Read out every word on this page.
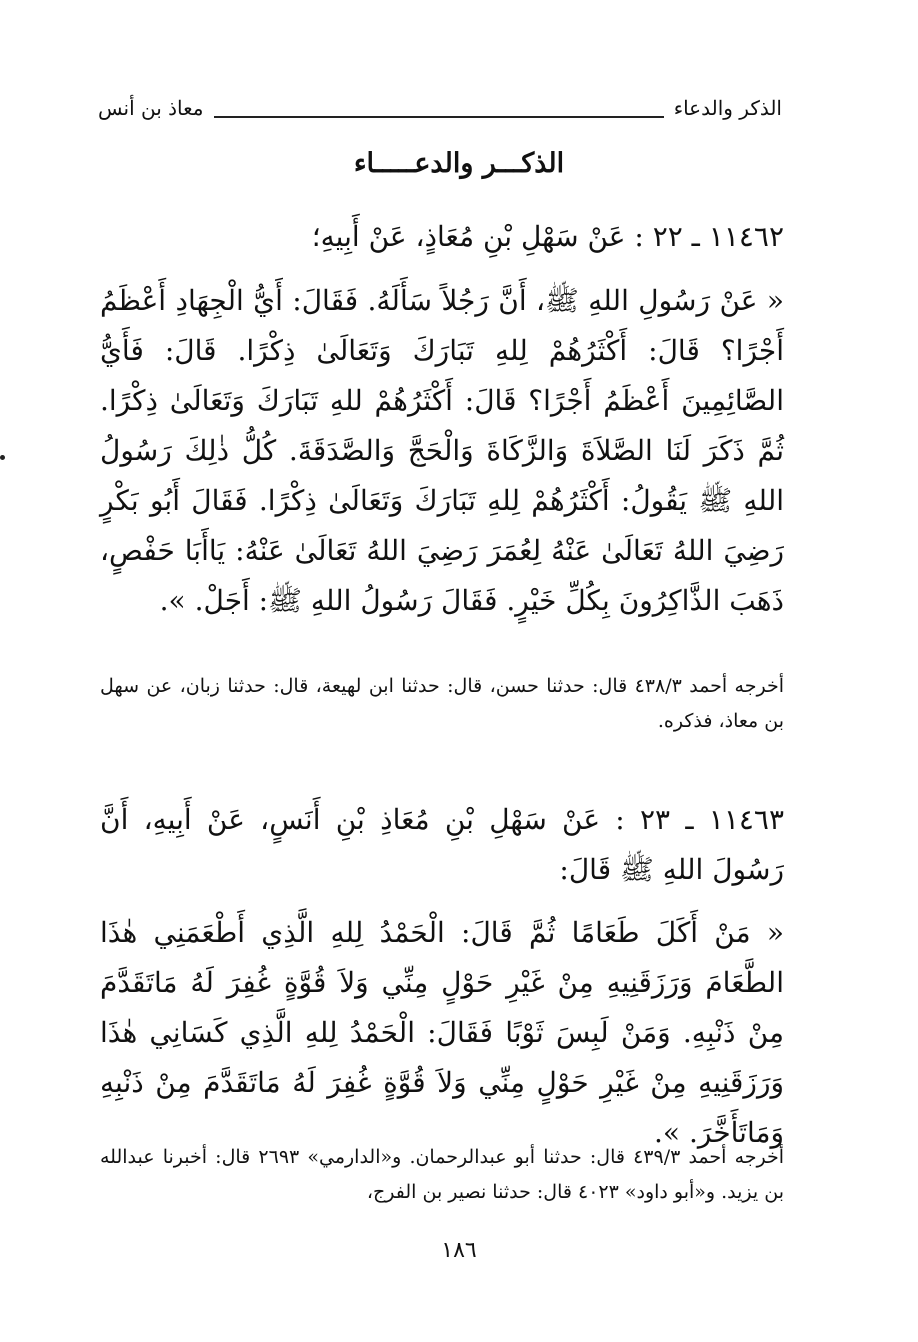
الذكر والدعاء
معاذ بن أنس
الذكـــر والدعـــــاء
١١٤٦٢ ـ ٢٢ : عَنْ سَهْلِ بْنِ مُعَاذٍ، عَنْ أَبِيهِ؛
« عَنْ رَسُولِ اللهِ ﷺ، أَنَّ رَجُلاً سَأَلَهُ. فَقَالَ: أَيُّ الْجِهَادِ أَعْظَمُ أَجْرًا؟ قَالَ: أَكْثَرُهُمْ لِلهِ تَبَارَكَ وَتَعَالَىٰ ذِكْرًا. قَالَ: فَأَيُّ الصَّائِمِينَ أَعْظَمُ أَجْرًا؟ قَالَ: أَكْثَرُهُمْ للهِ تَبَارَكَ وَتَعَالَىٰ ذِكْرًا. ثُمَّ ذَكَرَ لَنَا الصَّلاَةَ وَالزَّكَاةَ وَالْحَجَّ وَالصَّدَقَةَ. كُلُّ ذٰلِكَ رَسُولُ اللهِ ﷺ يَقُولُ: أَكْثَرُهُمْ لِلهِ تَبَارَكَ وَتَعَالَىٰ ذِكْرًا. فَقَالَ أَبُو بَكْرٍ رَضِيَ اللهُ تَعَالَىٰ عَنْهُ لِعُمَرَ رَضِيَ اللهُ تَعَالَىٰ عَنْهُ: يَاأَبَا حَفْصٍ، ذَهَبَ الذَّاكِرُونَ بِكُلِّ خَيْرٍ. فَقَالَ رَسُولُ اللهِ ﷺ: أَجَلْ. ».
أخرجه أحمد ٤٣٨/٣ قال: حدثنا حسن، قال: حدثنا ابن لهيعة، قال: حدثنا زبان، عن سهل بن معاذ، فذكره.
١١٤٦٣ ـ ٢٣ : عَنْ سَهْلِ بْنِ مُعَاذِ بْنِ أَنَسٍ، عَنْ أَبِيهِ، أَنَّ رَسُولَ اللهِ ﷺ قَالَ:
« مَنْ أَكَلَ طَعَامًا ثُمَّ قَالَ: الْحَمْدُ لِلهِ الَّذِي أَطْعَمَنِي هٰذَا الطَّعَامَ وَرَزَقَنِيهِ مِنْ غَيْرِ حَوْلٍ مِنِّي وَلاَ قُوَّةٍ غُفِرَ لَهُ مَاتَقَدَّمَ مِنْ ذَنْبِهِ. وَمَنْ لَبِسَ ثَوْبًا فَقَالَ: الْحَمْدُ لِلهِ الَّذِي كَسَانِي هٰذَا وَرَزَقَنِيهِ مِنْ غَيْرِ حَوْلٍ مِنِّي وَلاَ قُوَّةٍ غُفِرَ لَهُ مَاتَقَدَّمَ مِنْ ذَنْبِهِ وَمَاتَأَخَّرَ. ».
أخرجه أحمد ٤٣٩/٣ قال: حدثنا أبو عبدالرحمان. و«الدارمي» ٢٦٩٣ قال: أخبرنا عبدالله بن يزيد. و«أبو داود» ٤٠٢٣ قال: حدثنا نصير بن الفرج،
١٨٦
